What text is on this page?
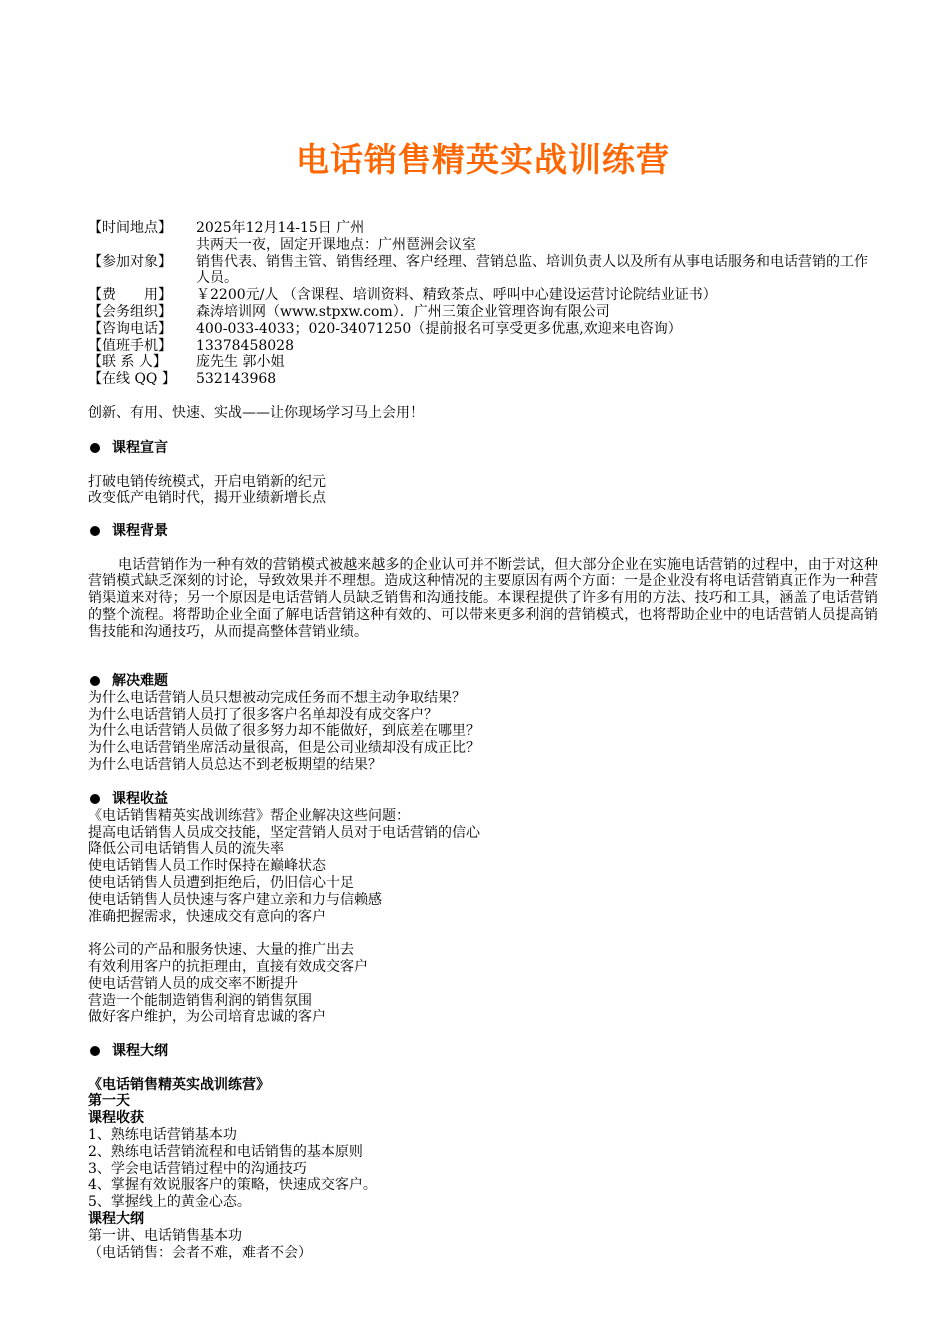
电话销售精英实战训练营
【时间地点】	2025年12月14-15日 广州
共两天一夜，固定开课地点：广州琶洲会议室
【参加对象】	销售代表、销售主管、销售经理、客户经理、营销总监、培训负责人以及所有从事电话服务和电话营销的工作人员。
【费　　用】	￥2200元/人 （含课程、培训资料、精致茶点、呼叫中心建设运营讨论院结业证书）
【会务组织】	森涛培训网（www.stpxw.com）．广州三策企业管理咨询有限公司
【咨询电话】	400-033-4033；020-34071250（提前报名可享受更多优惠,欢迎来电咨询）
【值班手机】	13378458028
【联 系 人】	庞先生 郭小姐
【在线 QQ 】	532143968
创新、有用、快速、实战——让你现场学习马上会用！
课程宣言
打破电销传统模式，开启电销新的纪元
改变低产电销时代，揭开业绩新增长点
课程背景
电话营销作为一种有效的营销模式被越来越多的企业认可并不断尝试，但大部分企业在实施电话营销的过程中，由于对这种营销模式缺乏深刻的讨论，导致效果并不理想。造成这种情况的主要原因有两个方面：一是企业没有将电话营销真正作为一种营销渠道来对待；另一个原因是电话营销人员缺乏销售和沟通技能。本课程提供了许多有用的方法、技巧和工具，涵盖了电话营销的整个流程。将帮助企业全面了解电话营销这种有效的、可以带来更多利润的营销模式，也将帮助企业中的电话营销人员提高销售技能和沟通技巧，从而提高整体营销业绩。
解决难题
为什么电话营销人员只想被动完成任务而不想主动争取结果？
为什么电话营销人员打了很多客户名单却没有成交客户？
为什么电话营销人员做了很多努力却不能做好，到底差在哪里？
为什么电话营销坐席活动量很高，但是公司业绩却没有成正比？
为什么电话营销人员总达不到老板期望的结果？
课程收益
《电话销售精英实战训练营》帮企业解决这些问题：
提高电话销售人员成交技能，坚定营销人员对于电话营销的信心
降低公司电话销售人员的流失率
使电话销售人员工作时保持在巅峰状态
使电话销售人员遭到拒绝后，仍旧信心十足
使电话销售人员快速与客户建立亲和力与信赖感
准确把握需求，快速成交有意向的客户
将公司的产品和服务快速、大量的推广出去
有效利用客户的抗拒理由，直接有效成交客户
使电话营销人员的成交率不断提升
营造一个能制造销售利润的销售氛围
做好客户维护，为公司培育忠诚的客户
课程大纲
《电话销售精英实战训练营》
第一天
课程收获
1、熟练电话营销基本功
2、熟练电话营销流程和电话销售的基本原则
3、学会电话营销过程中的沟通技巧
4、掌握有效说服客户的策略，快速成交客户。
5、掌握线上的黄金心态。
课程大纲
第一讲、电话销售基本功
（电话销售：会者不难，难者不会）
